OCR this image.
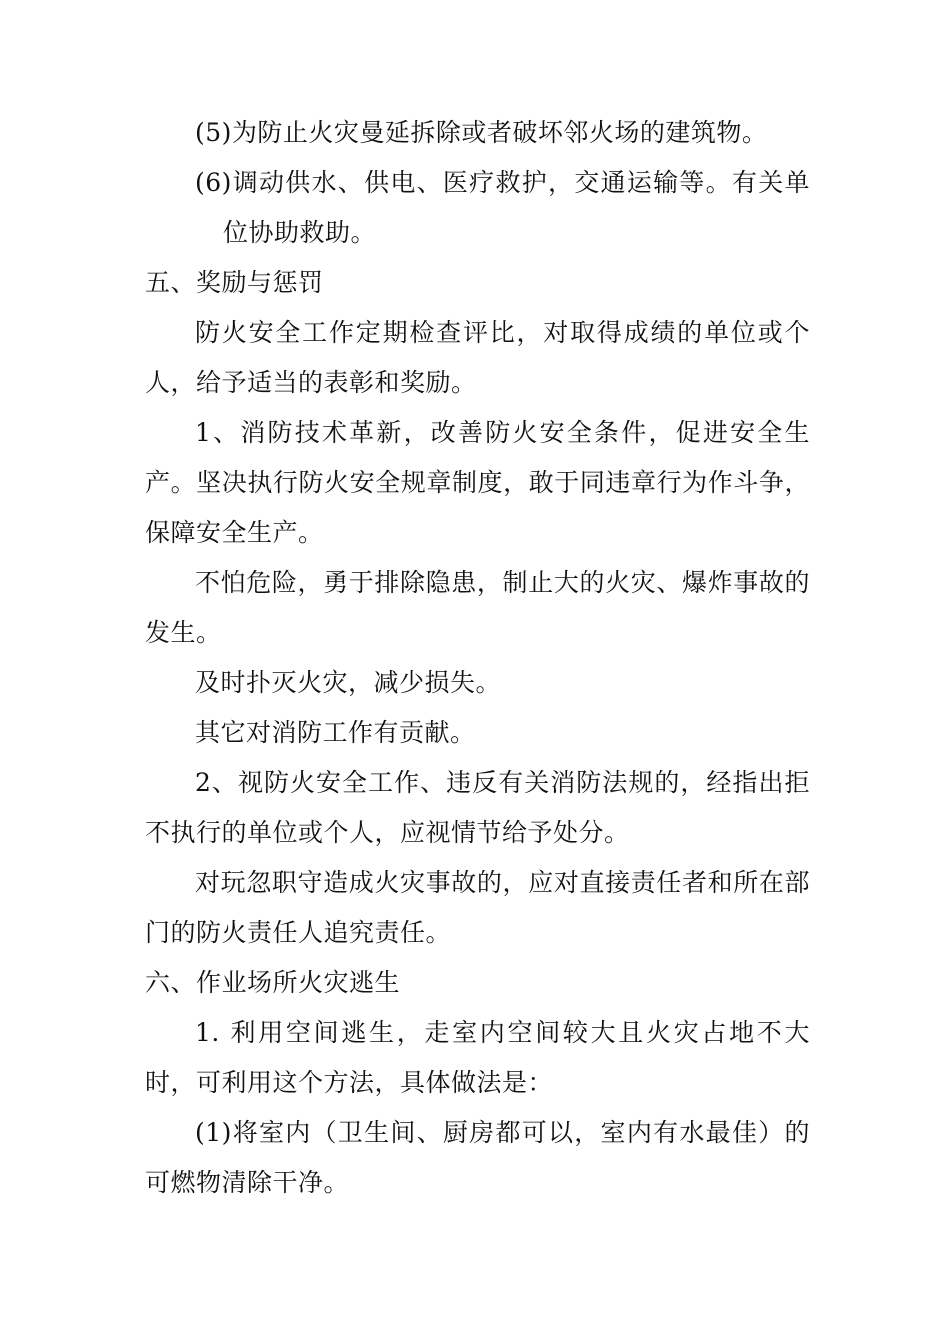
(5)为防止火灾曼延拆除或者破坏邻火场的建筑物。

(6)调动供水、供电、医疗救护，交通运输等。有关单位协助救助。

五、奖励与惩罚

防火安全工作定期检查评比，对取得成绩的单位或个人，给予适当的表彰和奖励。

1、消防技术革新，改善防火安全条件，促进安全生产。坚决执行防火安全规章制度，敢于同违章行为作斗争，保障安全生产。

不怕危险，勇于排除隐患，制止大的火灾、爆炸事故的发生。

及时扑灭火灾，减少损失。

其它对消防工作有贡献。

2、视防火安全工作、违反有关消防法规的，经指出拒不执行的单位或个人，应视情节给予处分。

对玩忽职守造成火灾事故的，应对直接责任者和所在部门的防火责任人追究责任。

六、作业场所火灾逃生

1. 利用空间逃生，走室内空间较大且火灾占地不大时，可利用这个方法，具体做法是：

(1)将室内（卫生间、厨房都可以，室内有水最佳）的可燃物清除干净。
